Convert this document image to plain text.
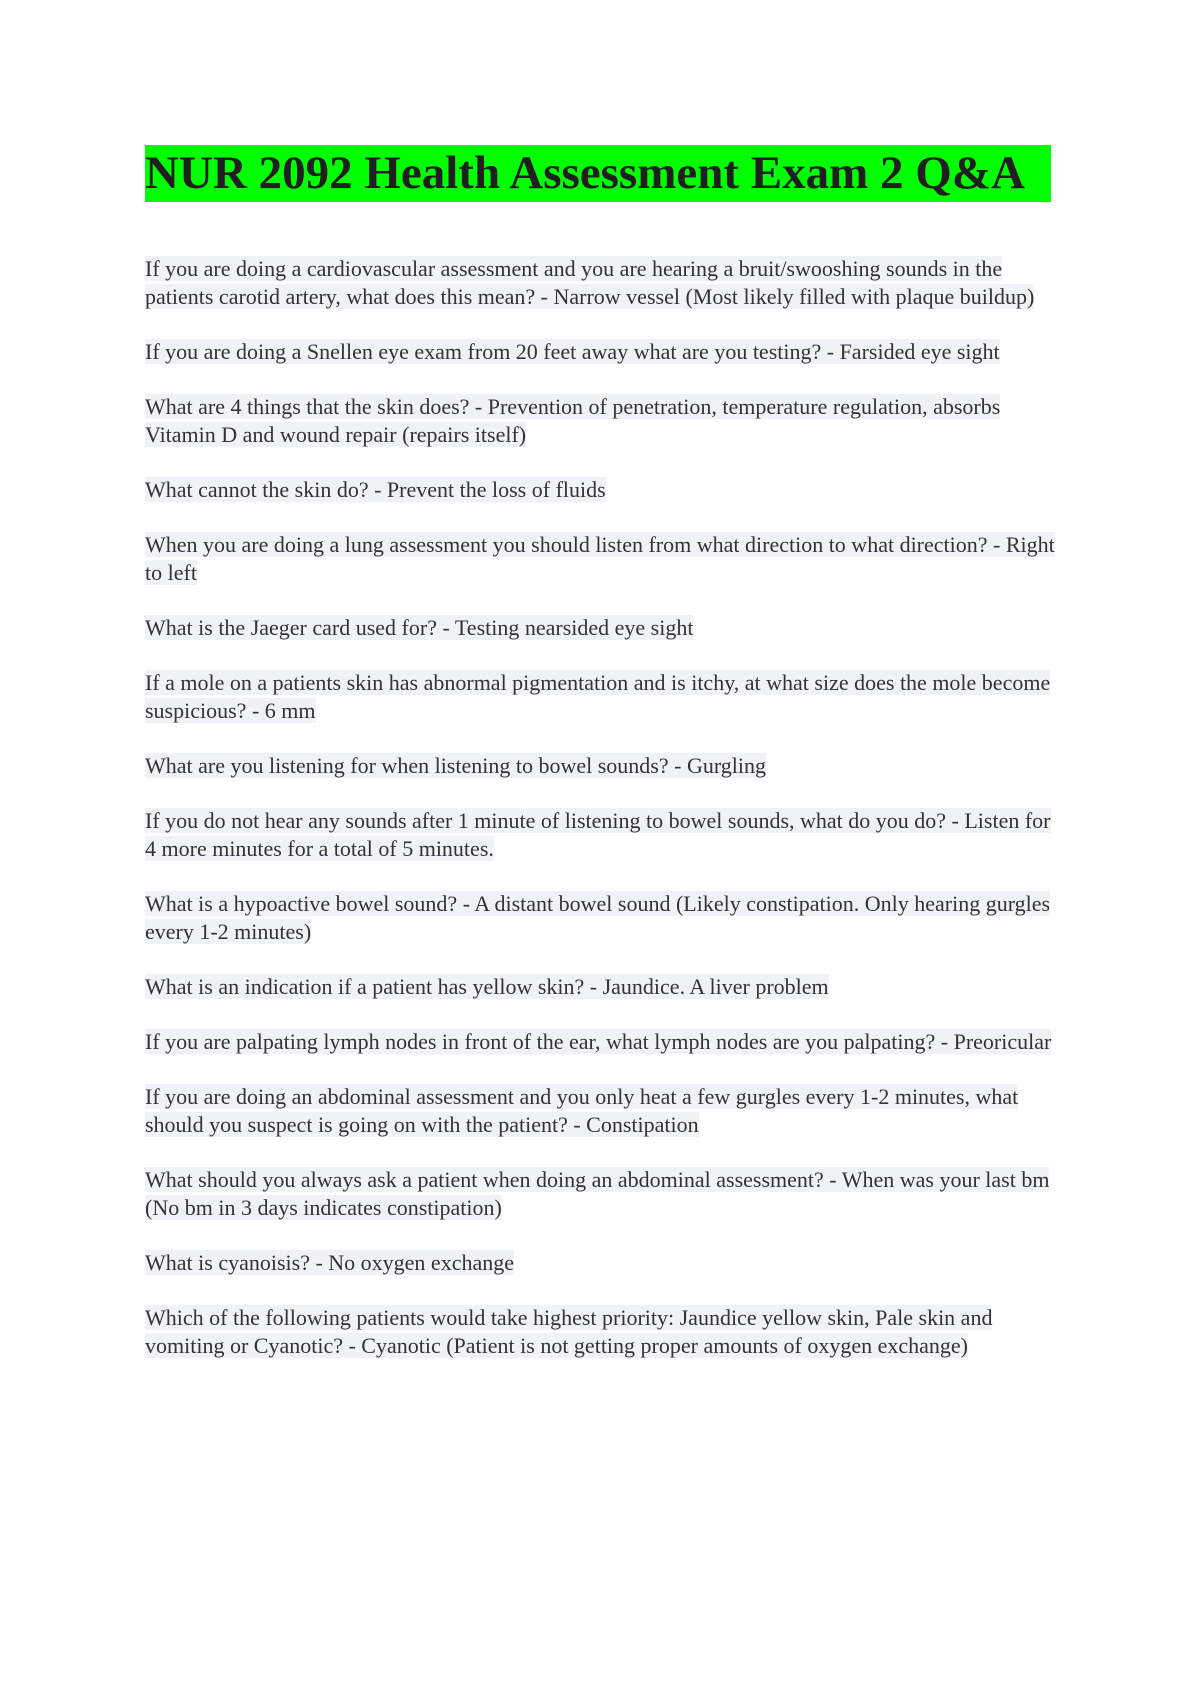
NUR 2092 Health Assessment Exam 2 Q&A

If you are doing a cardiovascular assessment and you are hearing a bruit/swooshing sounds in the patients carotid artery, what does this mean? - Narrow vessel (Most likely filled with plaque buildup)

If you are doing a Snellen eye exam from 20 feet away what are you testing? - Farsided eye sight

What are 4 things that the skin does? - Prevention of penetration, temperature regulation, absorbs Vitamin D and wound repair (repairs itself)

What cannot the skin do? - Prevent the loss of fluids

When you are doing a lung assessment you should listen from what direction to what direction? - Right to left

What is the Jaeger card used for? - Testing nearsided eye sight

If a mole on a patients skin has abnormal pigmentation and is itchy, at what size does the mole become suspicious? - 6 mm

What are you listening for when listening to bowel sounds? - Gurgling

If you do not hear any sounds after 1 minute of listening to bowel sounds, what do you do? - Listen for 4 more minutes for a total of 5 minutes.

What is a hypoactive bowel sound? - A distant bowel sound (Likely constipation. Only hearing gurgles every 1-2 minutes)

What is an indication if a patient has yellow skin? - Jaundice. A liver problem

If you are palpating lymph nodes in front of the ear, what lymph nodes are you palpating? - Preoricular

If you are doing an abdominal assessment and you only heat a few gurgles every 1-2 minutes, what should you suspect is going on with the patient? - Constipation

What should you always ask a patient when doing an abdominal assessment? - When was your last bm (No bm in 3 days indicates constipation)

What is cyanoisis? - No oxygen exchange

Which of the following patients would take highest priority: Jaundice yellow skin, Pale skin and vomiting or Cyanotic? - Cyanotic (Patient is not getting proper amounts of oxygen exchange)
